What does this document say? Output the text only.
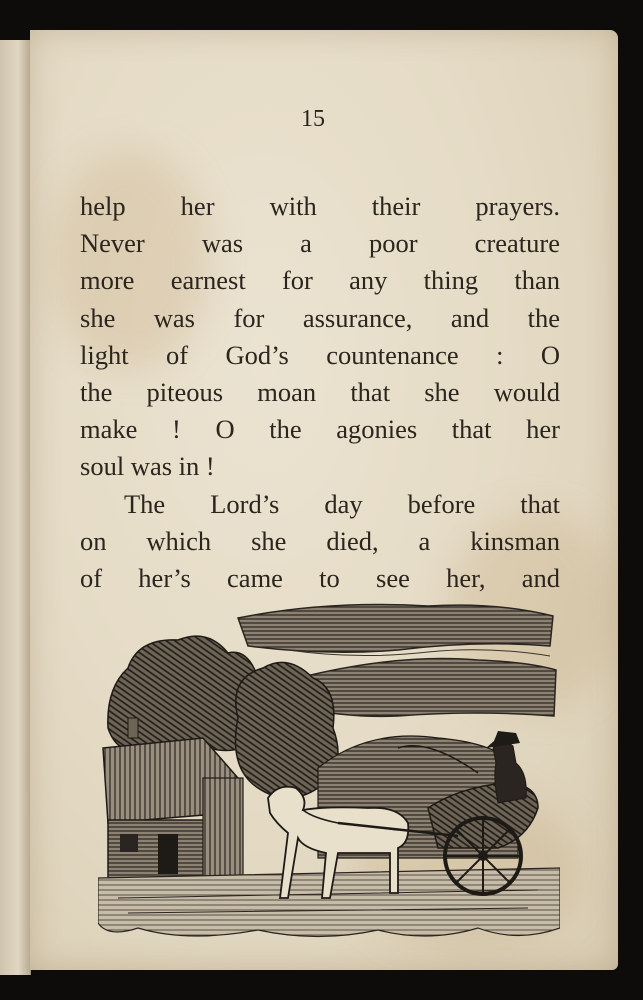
15
help her with their prayers.
Never was a poor creature
more earnest for any thing than
she was for assurance, and the
light of God’s countenance : O
the piteous moan that she would
make ! O the agonies that her
soul was in !
The Lord’s day before that
on which she died, a kinsman
of her’s came to see her, and
